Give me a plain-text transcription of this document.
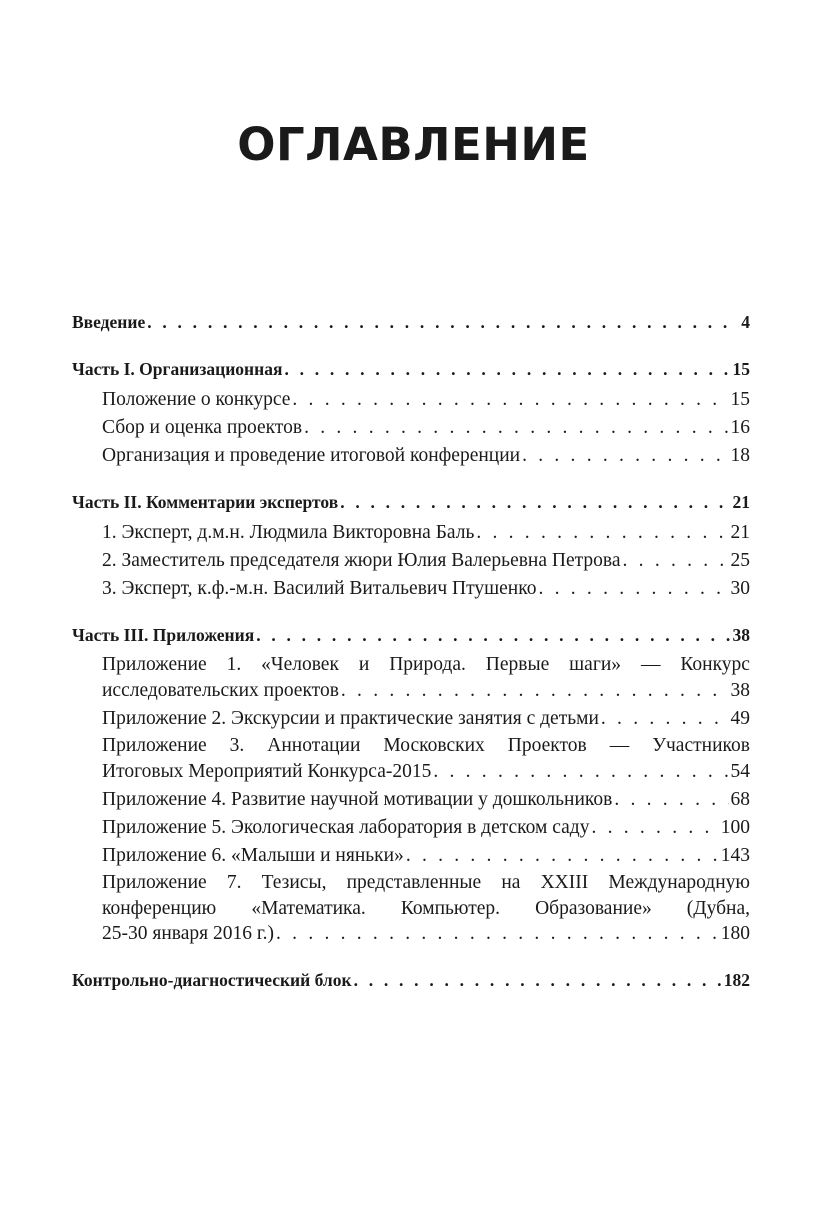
ОГЛАВЛЕНИЕ
Введение . . .	4
Часть I. Организационная . . .	15
Положение о конкурсе . . .	15
Сбор и оценка проектов . . .	16
Организация и проведение итоговой конференции . . .	18
Часть II. Комментарии экспертов . . .	21
1. Эксперт, д.м.н. Людмила Викторовна Баль . . .	21
2. Заместитель председателя жюри Юлия Валерьевна Петрова . . .	25
3. Эксперт, к.ф.-м.н. Василий Витальевич Птушенко . . .	30
Часть III. Приложения . . .	38
Приложение 1. «Человек и Природа. Первые шаги» — Конкурс
исследовательских проектов . . .	38
Приложение 2. Экскурсии и практические занятия с детьми . . .	49
Приложение 3. Аннотации Московских Проектов — Участников
Итоговых Мероприятий Конкурса-2015 . . .	54
Приложение 4. Развитие научной мотивации у дошкольников . . .	68
Приложение 5. Экологическая лаборатория в детском саду . . .	100
Приложение 6. «Малыши и няньки» . . .	143
Приложение 7. Тезисы, представленные на XXIII Международную
конференцию «Математика. Компьютер. Образование» (Дубна,
25-30 января 2016 г.) . . .	180
Контрольно-диагностический блок . . .	182
